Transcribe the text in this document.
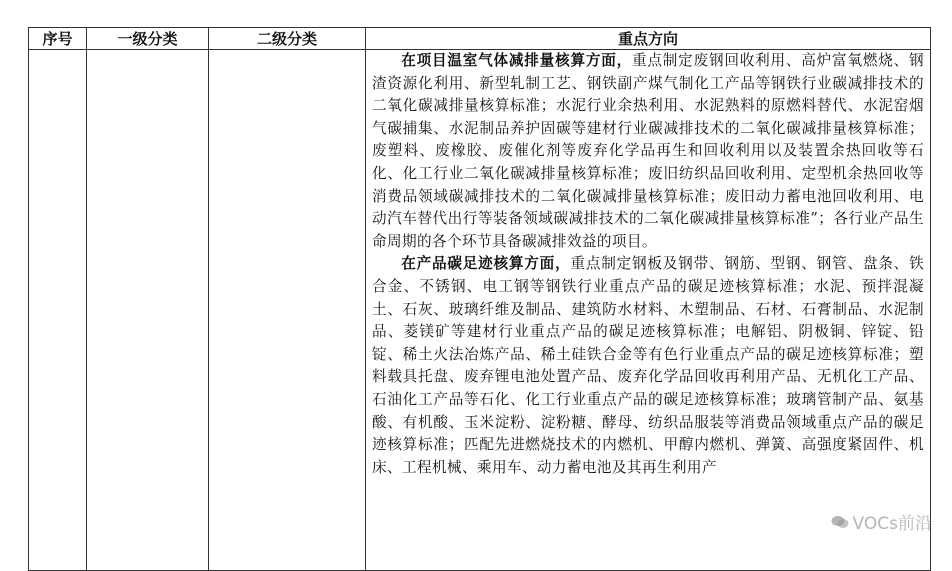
序号	一级分类	二级分类	重点方向

			在项目温室气体减排量核算方面，重点制定废钢回收利用、高炉富氧燃烧、钢渣资源化利用、新型轧制工艺、钢铁副产煤气制化工产品等钢铁行业碳减排技术的二氧化碳减排量核算标准；水泥行业余热利用、水泥熟料的原燃料替代、水泥窑烟气碳捕集、水泥制品养护固碳等建材行业碳减排技术的二氧化碳减排量核算标准；废塑料、废橡胶、废催化剂等废弃化学品再生和回收利用以及装置余热回收等石化、化工行业二氧化碳减排量核算标准；废旧纺织品回收利用、定型机余热回收等消费品领域碳减排技术的二氧化碳减排量核算标准；废旧动力蓄电池回收利用、电动汽车替代出行等装备领域碳减排技术的二氧化碳减排量核算标准”；各行业产品生命周期的各个环节具备碳减排效益的项目。

在产品碳足迹核算方面，重点制定钢板及钢带、钢筋、型钢、钢管、盘条、铁合金、不锈钢、电工钢等钢铁行业重点产品的碳足迹核算标准；水泥、预拌混凝土、石灰、玻璃纤维及制品、建筑防水材料、木塑制品、石材、石膏制品、水泥制品、菱镁矿等建材行业重点产品的碳足迹核算标准；电解铝、阴极铜、锌锭、铅锭、稀土火法冶炼产品、稀土硅铁合金等有色行业重点产品的碳足迹核算标准；塑料载具托盘、废弃锂电池处置产品、废弃化学品回收再利用产品、无机化工产品、石油化工产品等石化、化工行业重点产品的碳足迹核算标准；玻璃管制产品、氨基酸、有机酸、玉米淀粉、淀粉糖、酵母、纺织品服装等消费品领域重点产品的碳足迹核算标准；匹配先进燃烧技术的内燃机、甲醇内燃机、弹簧、高强度紧固件、机床、工程机械、乘用车、动力蓄电池及其再生利用产

VOCs前沿
